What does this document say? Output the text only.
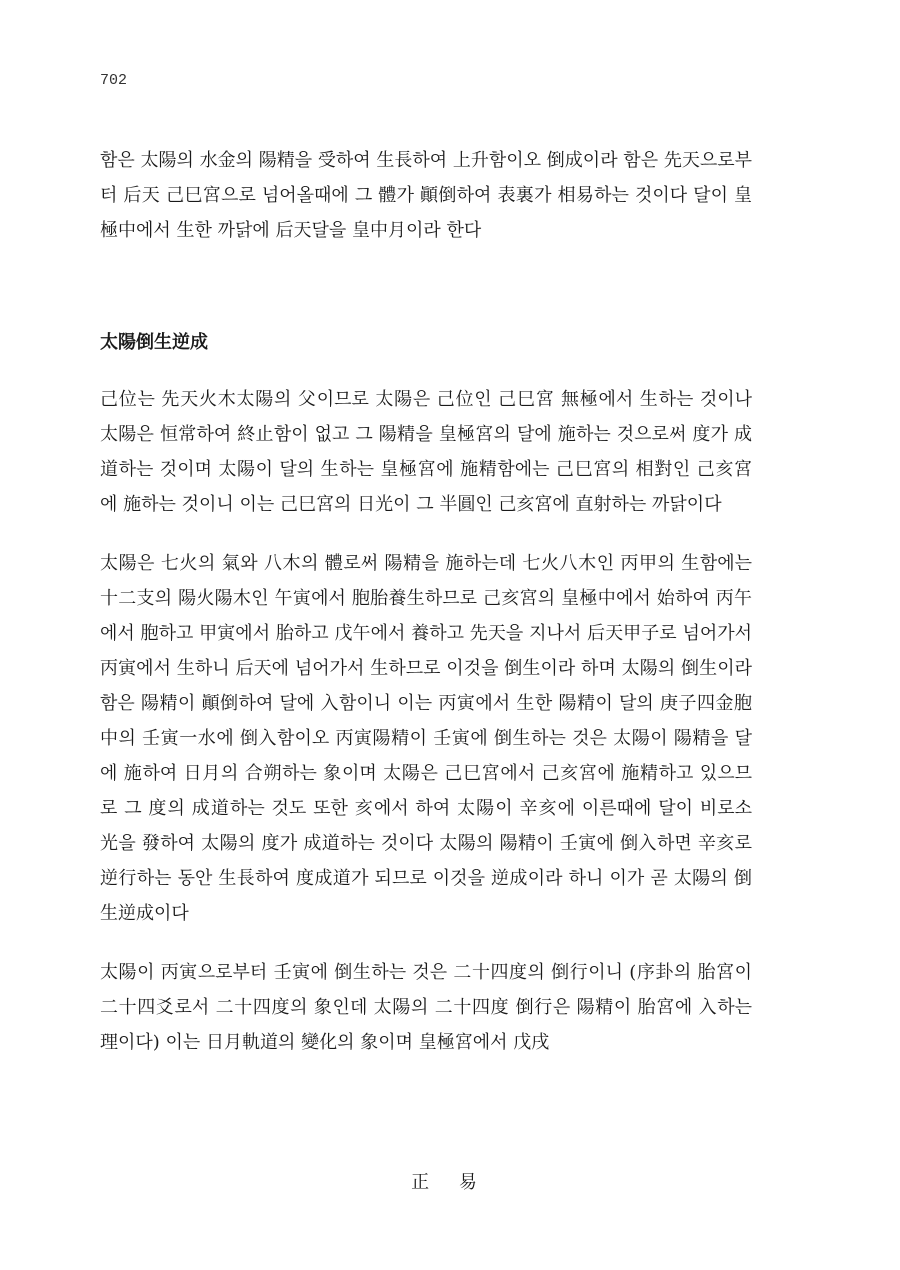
702

함은 太陽의 水金의 陽精을 受하여 生長하여 上升함이오 倒成이라 함은 先天으로부터 后天 己巳宮으로 넘어올때에 그 體가 顚倒하여 表裏가 相易하는 것이다 달이 皇極中에서 生한 까닭에 后天달을 皇中月이라 한다

太陽倒生逆成

己位는 先天火木太陽의 父이므로 太陽은 己位인 己巳宮 無極에서 生하는 것이나 太陽은 恒常하여 終止함이 없고 그 陽精을 皇極宮의 달에 施하는 것으로써 度가 成道하는 것이며 太陽이 달의 生하는 皇極宮에 施精함에는 己巳宮의 相對인 己亥宮에 施하는 것이니 이는 己巳宮의 日光이 그 半圓인 己亥宮에 直射하는 까닭이다

太陽은 七火의 氣와 八木의 體로써 陽精을 施하는데 七火八木인 丙甲의 生함에는 十二支의 陽火陽木인 午寅에서 胞胎養生하므로 己亥宮의 皇極中에서 始하여 丙午에서 胞하고 甲寅에서 胎하고 戊午에서 養하고 先天을 지나서 后天甲子로 넘어가서 丙寅에서 生하니 后天에 넘어가서 生하므로 이것을 倒生이라 하며 太陽의 倒生이라 함은 陽精이 顚倒하여 달에 入함이니 이는 丙寅에서 生한 陽精이 달의 庚子四金胞中의 壬寅一水에 倒入함이오 丙寅陽精이 壬寅에 倒生하는 것은 太陽이 陽精을 달에 施하여 日月의 合朔하는 象이며 太陽은 己巳宮에서 己亥宮에 施精하고 있으므로 그 度의 成道하는 것도 또한 亥에서 하여 太陽이 辛亥에 이른때에 달이 비로소 光을 發하여 太陽의 度가 成道하는 것이다 太陽의 陽精이 壬寅에 倒入하면 辛亥로 逆行하는 동안 生長하여 度成道가 되므로 이것을 逆成이라 하니 이가 곧 太陽의 倒生逆成이다

太陽이 丙寅으로부터 壬寅에 倒生하는 것은 二十四度의 倒行이니 (序卦의 胎宮이 二十四爻로서 二十四度의 象인데 太陽의 二十四度 倒行은 陽精이 胎宮에 入하는 理이다) 이는 日月軌道의 變化의 象이며 皇極宮에서 戊戌

正 易
